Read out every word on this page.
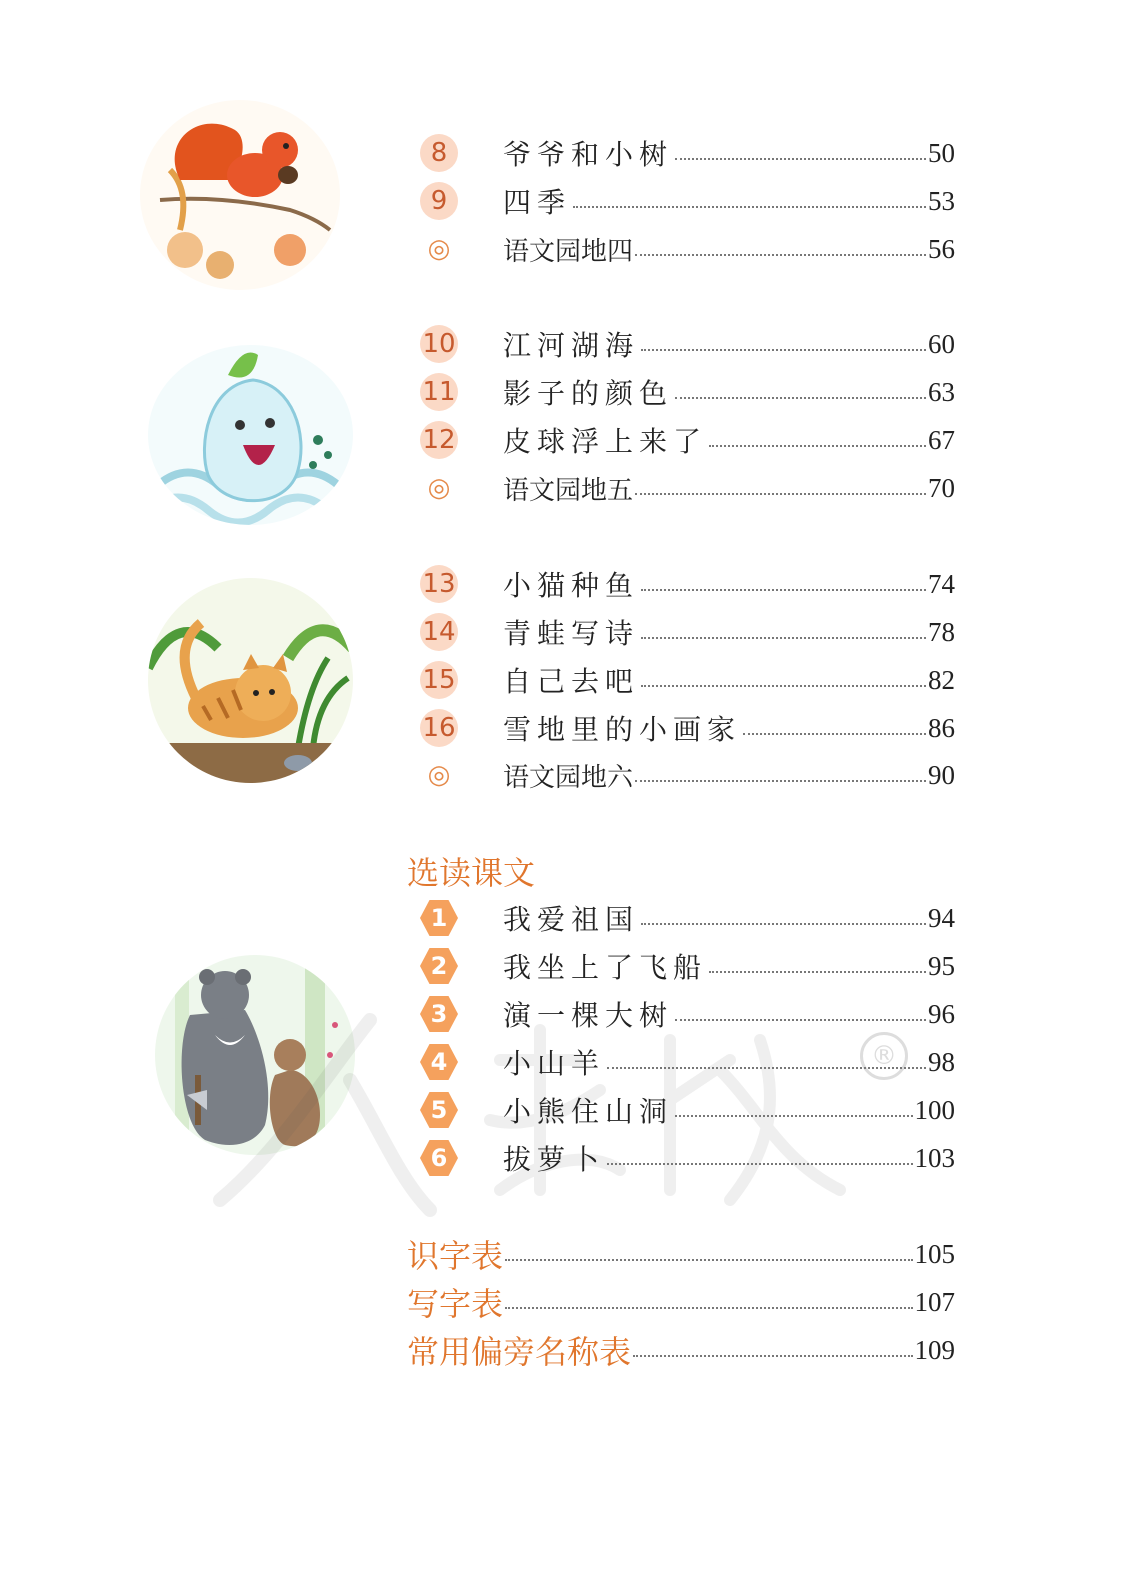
®
8	爷爷和小树	50
9	四季	53
◎	语文园地四	56
10	江河湖海	60
11	影子的颜色	63
12	皮球浮上来了	67
◎	语文园地五	70
13	小猫种鱼	74
14	青蛙写诗	78
15	自己去吧	82
16	雪地里的小画家	86
◎	语文园地六	90
选读课文
1	我爱祖国	94
2	我坐上了飞船	95
3	演一棵大树	96
4	小山羊	98
5	小熊住山洞	100
6	拔萝卜	103
识字表	105
写字表	107
常用偏旁名称表	109
